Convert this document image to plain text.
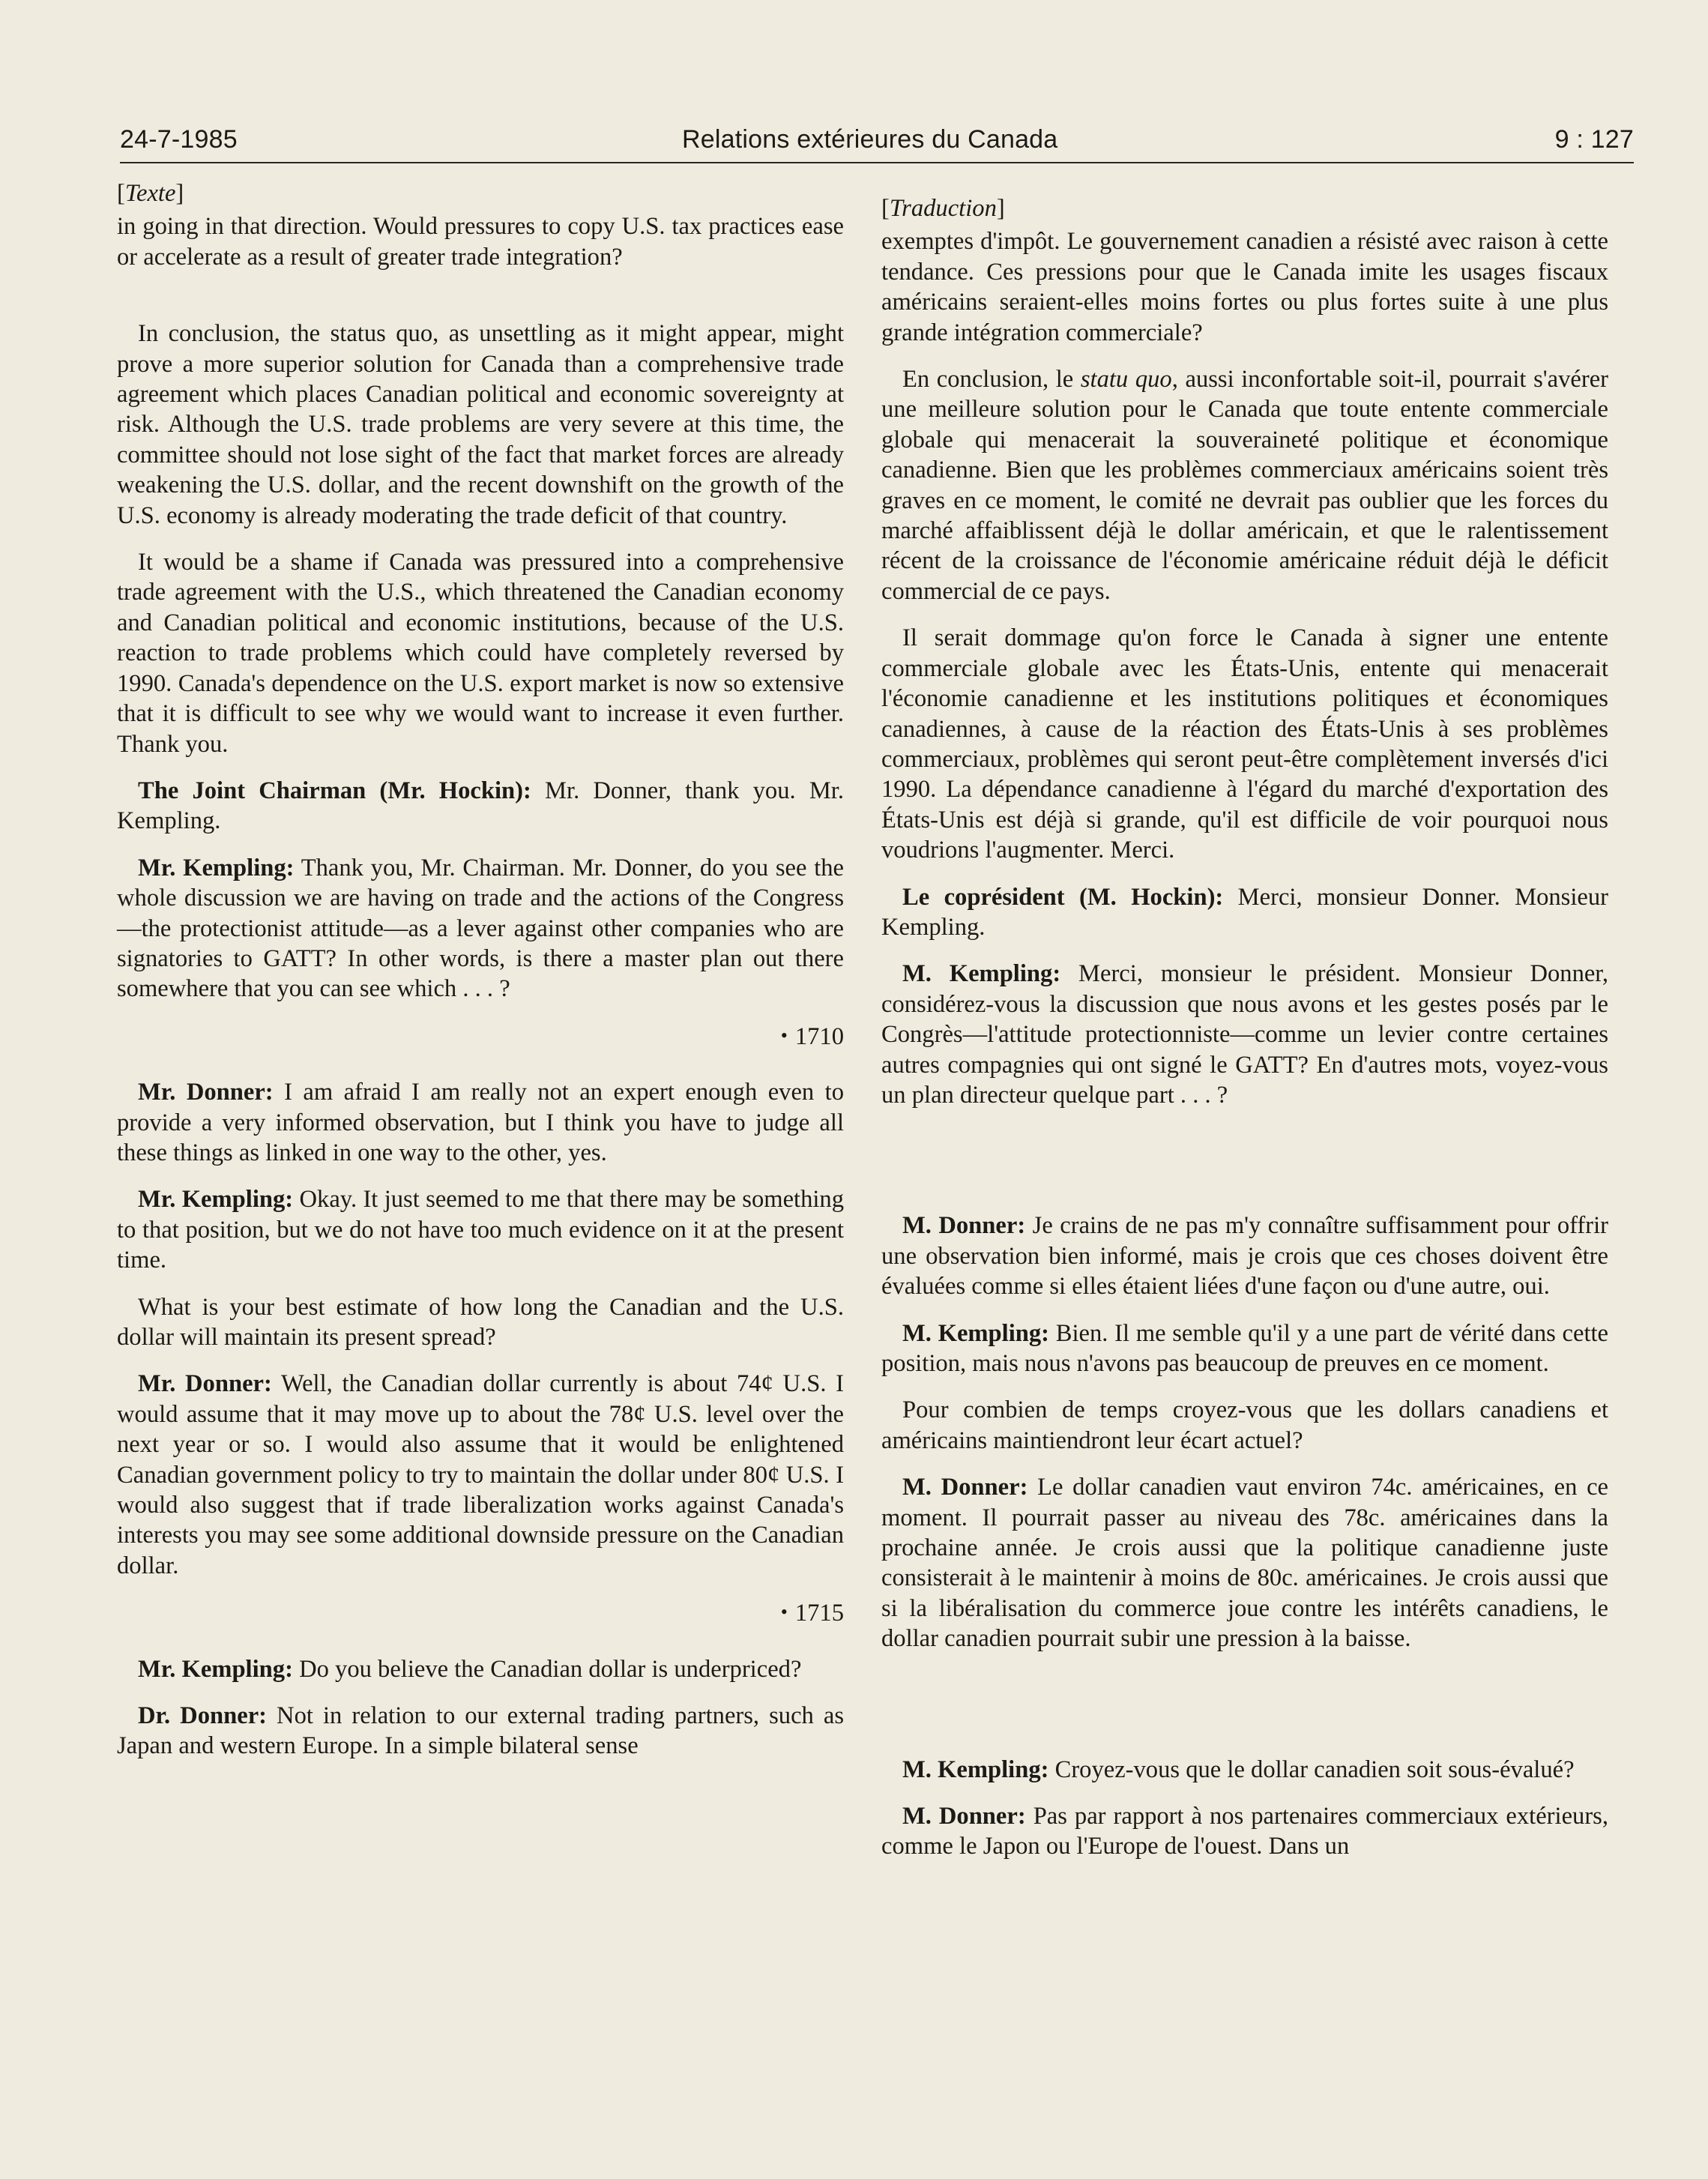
24-7-1985	Relations extérieures du Canada	9 : 127
[Texte]

in going in that direction. Would pressures to copy U.S. tax practices ease or accelerate as a result of greater trade integration?

In conclusion, the status quo, as unsettling as it might appear, might prove a more superior solution for Canada than a comprehensive trade agreement which places Canadian political and economic sovereignty at risk. Although the U.S. trade problems are very severe at this time, the committee should not lose sight of the fact that market forces are already weakening the U.S. dollar, and the recent downshift on the growth of the U.S. economy is already moderating the trade deficit of that country.

It would be a shame if Canada was pressured into a comprehensive trade agreement with the U.S., which threatened the Canadian economy and Canadian political and economic institutions, because of the U.S. reaction to trade problems which could have completely reversed by 1990. Canada's dependence on the U.S. export market is now so extensive that it is difficult to see why we would want to increase it even further. Thank you.

The Joint Chairman (Mr. Hockin): Mr. Donner, thank you. Mr. Kempling.

Mr. Kempling: Thank you, Mr. Chairman. Mr. Donner, do you see the whole discussion we are having on trade and the actions of the Congress—the protectionist attitude—as a lever against other companies who are signatories to GATT? In other words, is there a master plan out there somewhere that you can see which . . . ?

• 1710

Mr. Donner: I am afraid I am really not an expert enough even to provide a very informed observation, but I think you have to judge all these things as linked in one way to the other, yes.

Mr. Kempling: Okay. It just seemed to me that there may be something to that position, but we do not have too much evidence on it at the present time.

What is your best estimate of how long the Canadian and the U.S. dollar will maintain its present spread?

Mr. Donner: Well, the Canadian dollar currently is about 74¢ U.S. I would assume that it may move up to about the 78¢ U.S. level over the next year or so. I would also assume that it would be enlightened Canadian government policy to try to maintain the dollar under 80¢ U.S. I would also suggest that if trade liberalization works against Canada's interests you may see some additional downside pressure on the Canadian dollar.

• 1715

Mr. Kempling: Do you believe the Canadian dollar is underpriced?

Dr. Donner: Not in relation to our external trading partners, such as Japan and western Europe. In a simple bilateral sense

[Traduction]

exemptes d'impôt. Le gouvernement canadien a résisté avec raison à cette tendance. Ces pressions pour que le Canada imite les usages fiscaux américains seraient-elles moins fortes ou plus fortes suite à une plus grande intégration commerciale?

En conclusion, le statu quo, aussi inconfortable soit-il, pourrait s'avérer une meilleure solution pour le Canada que toute entente commerciale globale qui menacerait la souveraineté politique et économique canadienne. Bien que les problèmes commerciaux américains soient très graves en ce moment, le comité ne devrait pas oublier que les forces du marché affaiblissent déjà le dollar américain, et que le ralentissement récent de la croissance de l'économie américaine réduit déjà le déficit commercial de ce pays.

Il serait dommage qu'on force le Canada à signer une entente commerciale globale avec les États-Unis, entente qui menacerait l'économie canadienne et les institutions politiques et économiques canadiennes, à cause de la réaction des États-Unis à ses problèmes commerciaux, problèmes qui seront peut-être complètement inversés d'ici 1990. La dépendance canadienne à l'égard du marché d'exportation des États-Unis est déjà si grande, qu'il est difficile de voir pourquoi nous voudrions l'augmenter. Merci.

Le coprésident (M. Hockin): Merci, monsieur Donner. Monsieur Kempling.

M. Kempling: Merci, monsieur le président. Monsieur Donner, considérez-vous la discussion que nous avons et les gestes posés par le Congrès—l'attitude protectionniste—comme un levier contre certaines autres compagnies qui ont signé le GATT? En d'autres mots, voyez-vous un plan directeur quelque part . . . ?

M. Donner: Je crains de ne pas m'y connaître suffisamment pour offrir une observation bien informé, mais je crois que ces choses doivent être évaluées comme si elles étaient liées d'une façon ou d'une autre, oui.

M. Kempling: Bien. Il me semble qu'il y a une part de vérité dans cette position, mais nous n'avons pas beaucoup de preuves en ce moment.

Pour combien de temps croyez-vous que les dollars canadiens et américains maintiendront leur écart actuel?

M. Donner: Le dollar canadien vaut environ 74c. américaines, en ce moment. Il pourrait passer au niveau des 78c. américaines dans la prochaine année. Je crois aussi que la politique canadienne juste consisterait à le maintenir à moins de 80c. américaines. Je crois aussi que si la libéralisation du commerce joue contre les intérêts canadiens, le dollar canadien pourrait subir une pression à la baisse.

M. Kempling: Croyez-vous que le dollar canadien soit sous-évalué?

M. Donner: Pas par rapport à nos partenaires commerciaux extérieurs, comme le Japon ou l'Europe de l'ouest. Dans un
